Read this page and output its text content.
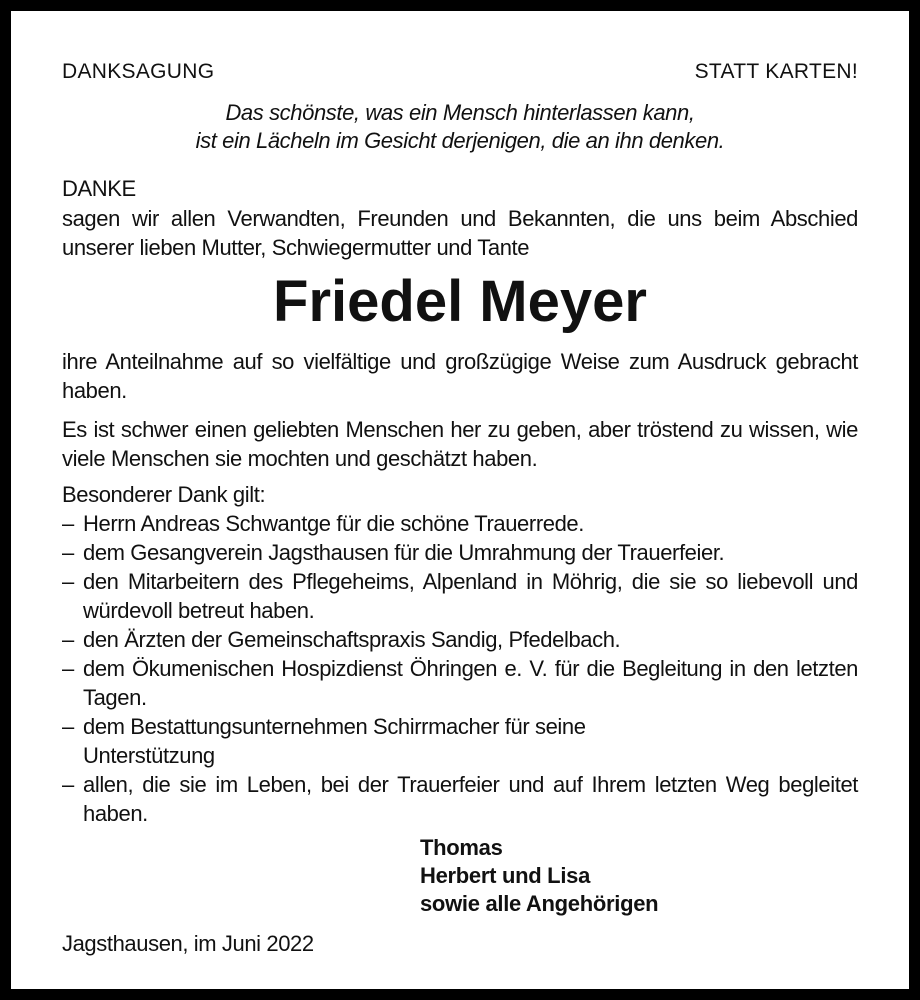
DANKSAGUNG	STATT KARTEN!
Das schönste, was ein Mensch hinterlassen kann,
ist ein Lächeln im Gesicht derjenigen, die an ihn denken.
DANKE
sagen wir allen Verwandten, Freunden und Bekannten, die uns beim Abschied unserer lieben Mutter, Schwiegermutter und Tante
Friedel Meyer
ihre Anteilnahme auf so vielfältige und großzügige Weise zum Ausdruck gebracht haben.
Es ist schwer einen geliebten Menschen her zu geben, aber tröstend zu wissen, wie viele Menschen sie mochten und geschätzt haben.
Besonderer Dank gilt:
– Herrn Andreas Schwantge für die schöne Trauerrede.
– dem Gesangverein Jagsthausen für die Umrahmung der Trauerfeier.
– den Mitarbeitern des Pflegeheims, Alpenland in Möhrig, die sie so liebevoll und würdevoll betreut haben.
– den Ärzten der Gemeinschaftspraxis Sandig, Pfedelbach.
– dem Ökumenischen Hospizdienst Öhringen e. V. für die Begleitung in den letzten Tagen.
– dem Bestattungsunternehmen Schirrmacher für seine Unterstützung
– allen, die sie im Leben, bei der Trauerfeier und auf Ihrem letzten Weg begleitet haben.
Thomas
Herbert und Lisa
sowie alle Angehörigen
Jagsthausen, im Juni 2022
